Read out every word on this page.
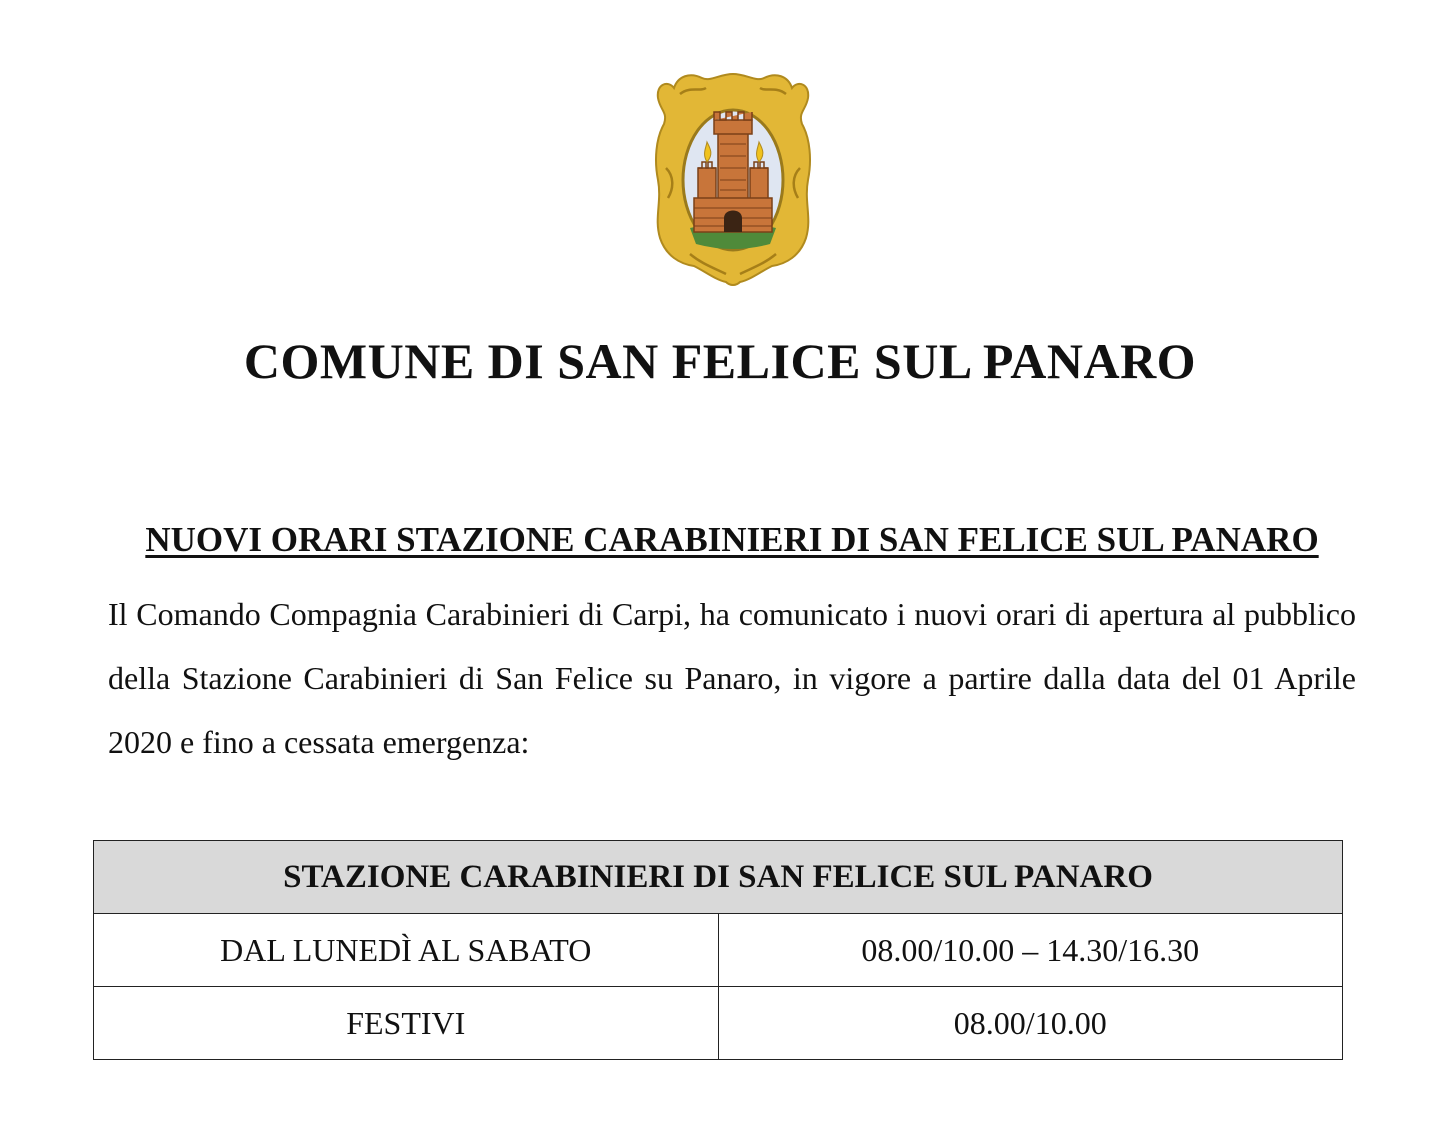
COMUNE DI SAN FELICE SUL PANARO
NUOVI ORARI STAZIONE CARABINIERI DI SAN FELICE SUL PANARO

Il Comando Compagnia Carabinieri di Carpi, ha comunicato i nuovi orari di apertura al pubblico della Stazione Carabinieri di San Felice su Panaro, in vigore a partire dalla data del 01 Aprile 2020 e fino a cessata emergenza:

STAZIONE CARABINIERI DI SAN FELICE SUL PANARO	
DAL LUNEDÌ AL SABATO	08.00/10.00 – 14.30/16.30
FESTIVI	08.00/10.00
